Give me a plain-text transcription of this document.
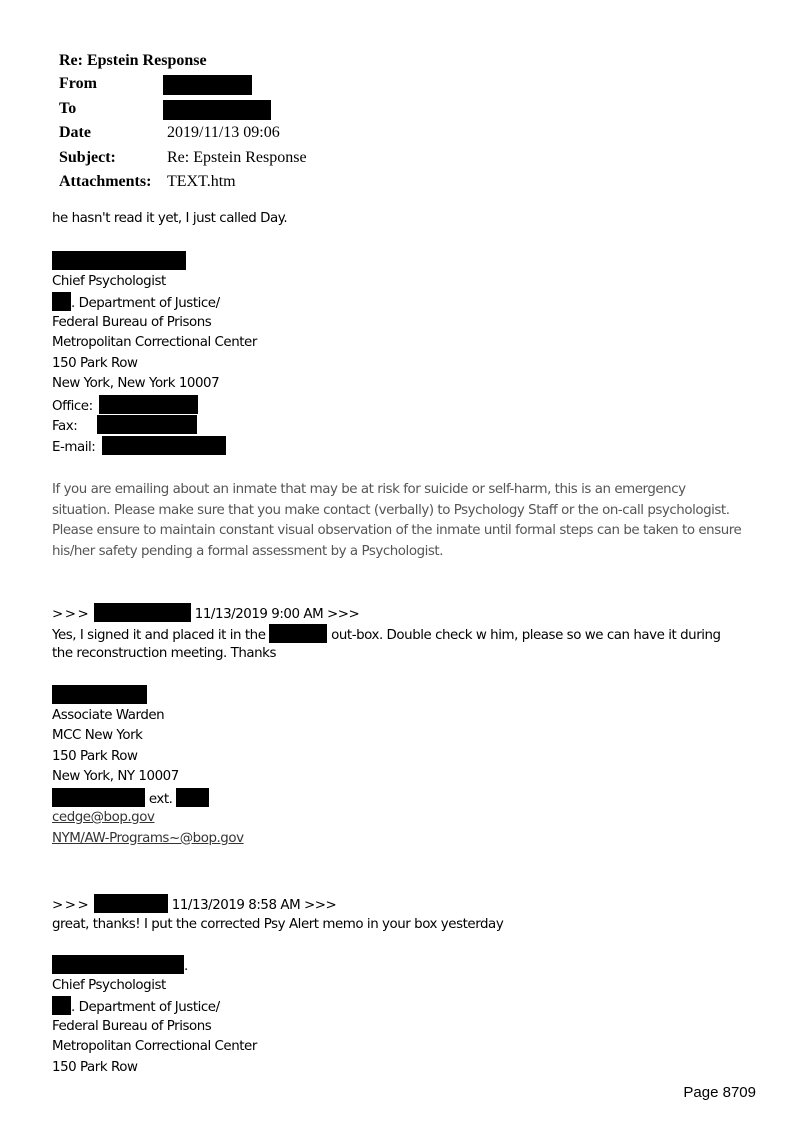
Re: Epstein Response
From
To
Date	2019/11/13 09:06
Subject:	Re: Epstein Response
Attachments: TEXT.htm
he hasn't read it yet, I just called Day.
Chief Psychologist
. Department of Justice/
Federal Bureau of Prisons
Metropolitan Correctional Center
150 Park Row
New York, New York 10007
Office:
Fax:
E-mail:
If you are emailing about an inmate that may be at risk for suicide or self-harm, this is an emergency
situation. Please make sure that you make contact (verbally) to Psychology Staff or the on-call psychologist.
Please ensure to maintain constant visual observation of the inmate until formal steps can be taken to ensure
his/her safety pending a formal assessment by a Psychologist.
>>>	11/13/2019 9:00 AM >>>
Yes, I signed it and placed it in the	out-box. Double check w him, please so we can have it during
the reconstruction meeting. Thanks
Associate Warden
MCC New York
150 Park Row
New York, NY 10007
ext.
cedge@bop.gov
NYM/AW-Programs~@bop.gov
>>>	11/13/2019 8:58 AM >>>
great, thanks! I put the corrected Psy Alert memo in your box yesterday
.
Chief Psychologist
. Department of Justice/
Federal Bureau of Prisons
Metropolitan Correctional Center
150 Park Row
Page 8709
